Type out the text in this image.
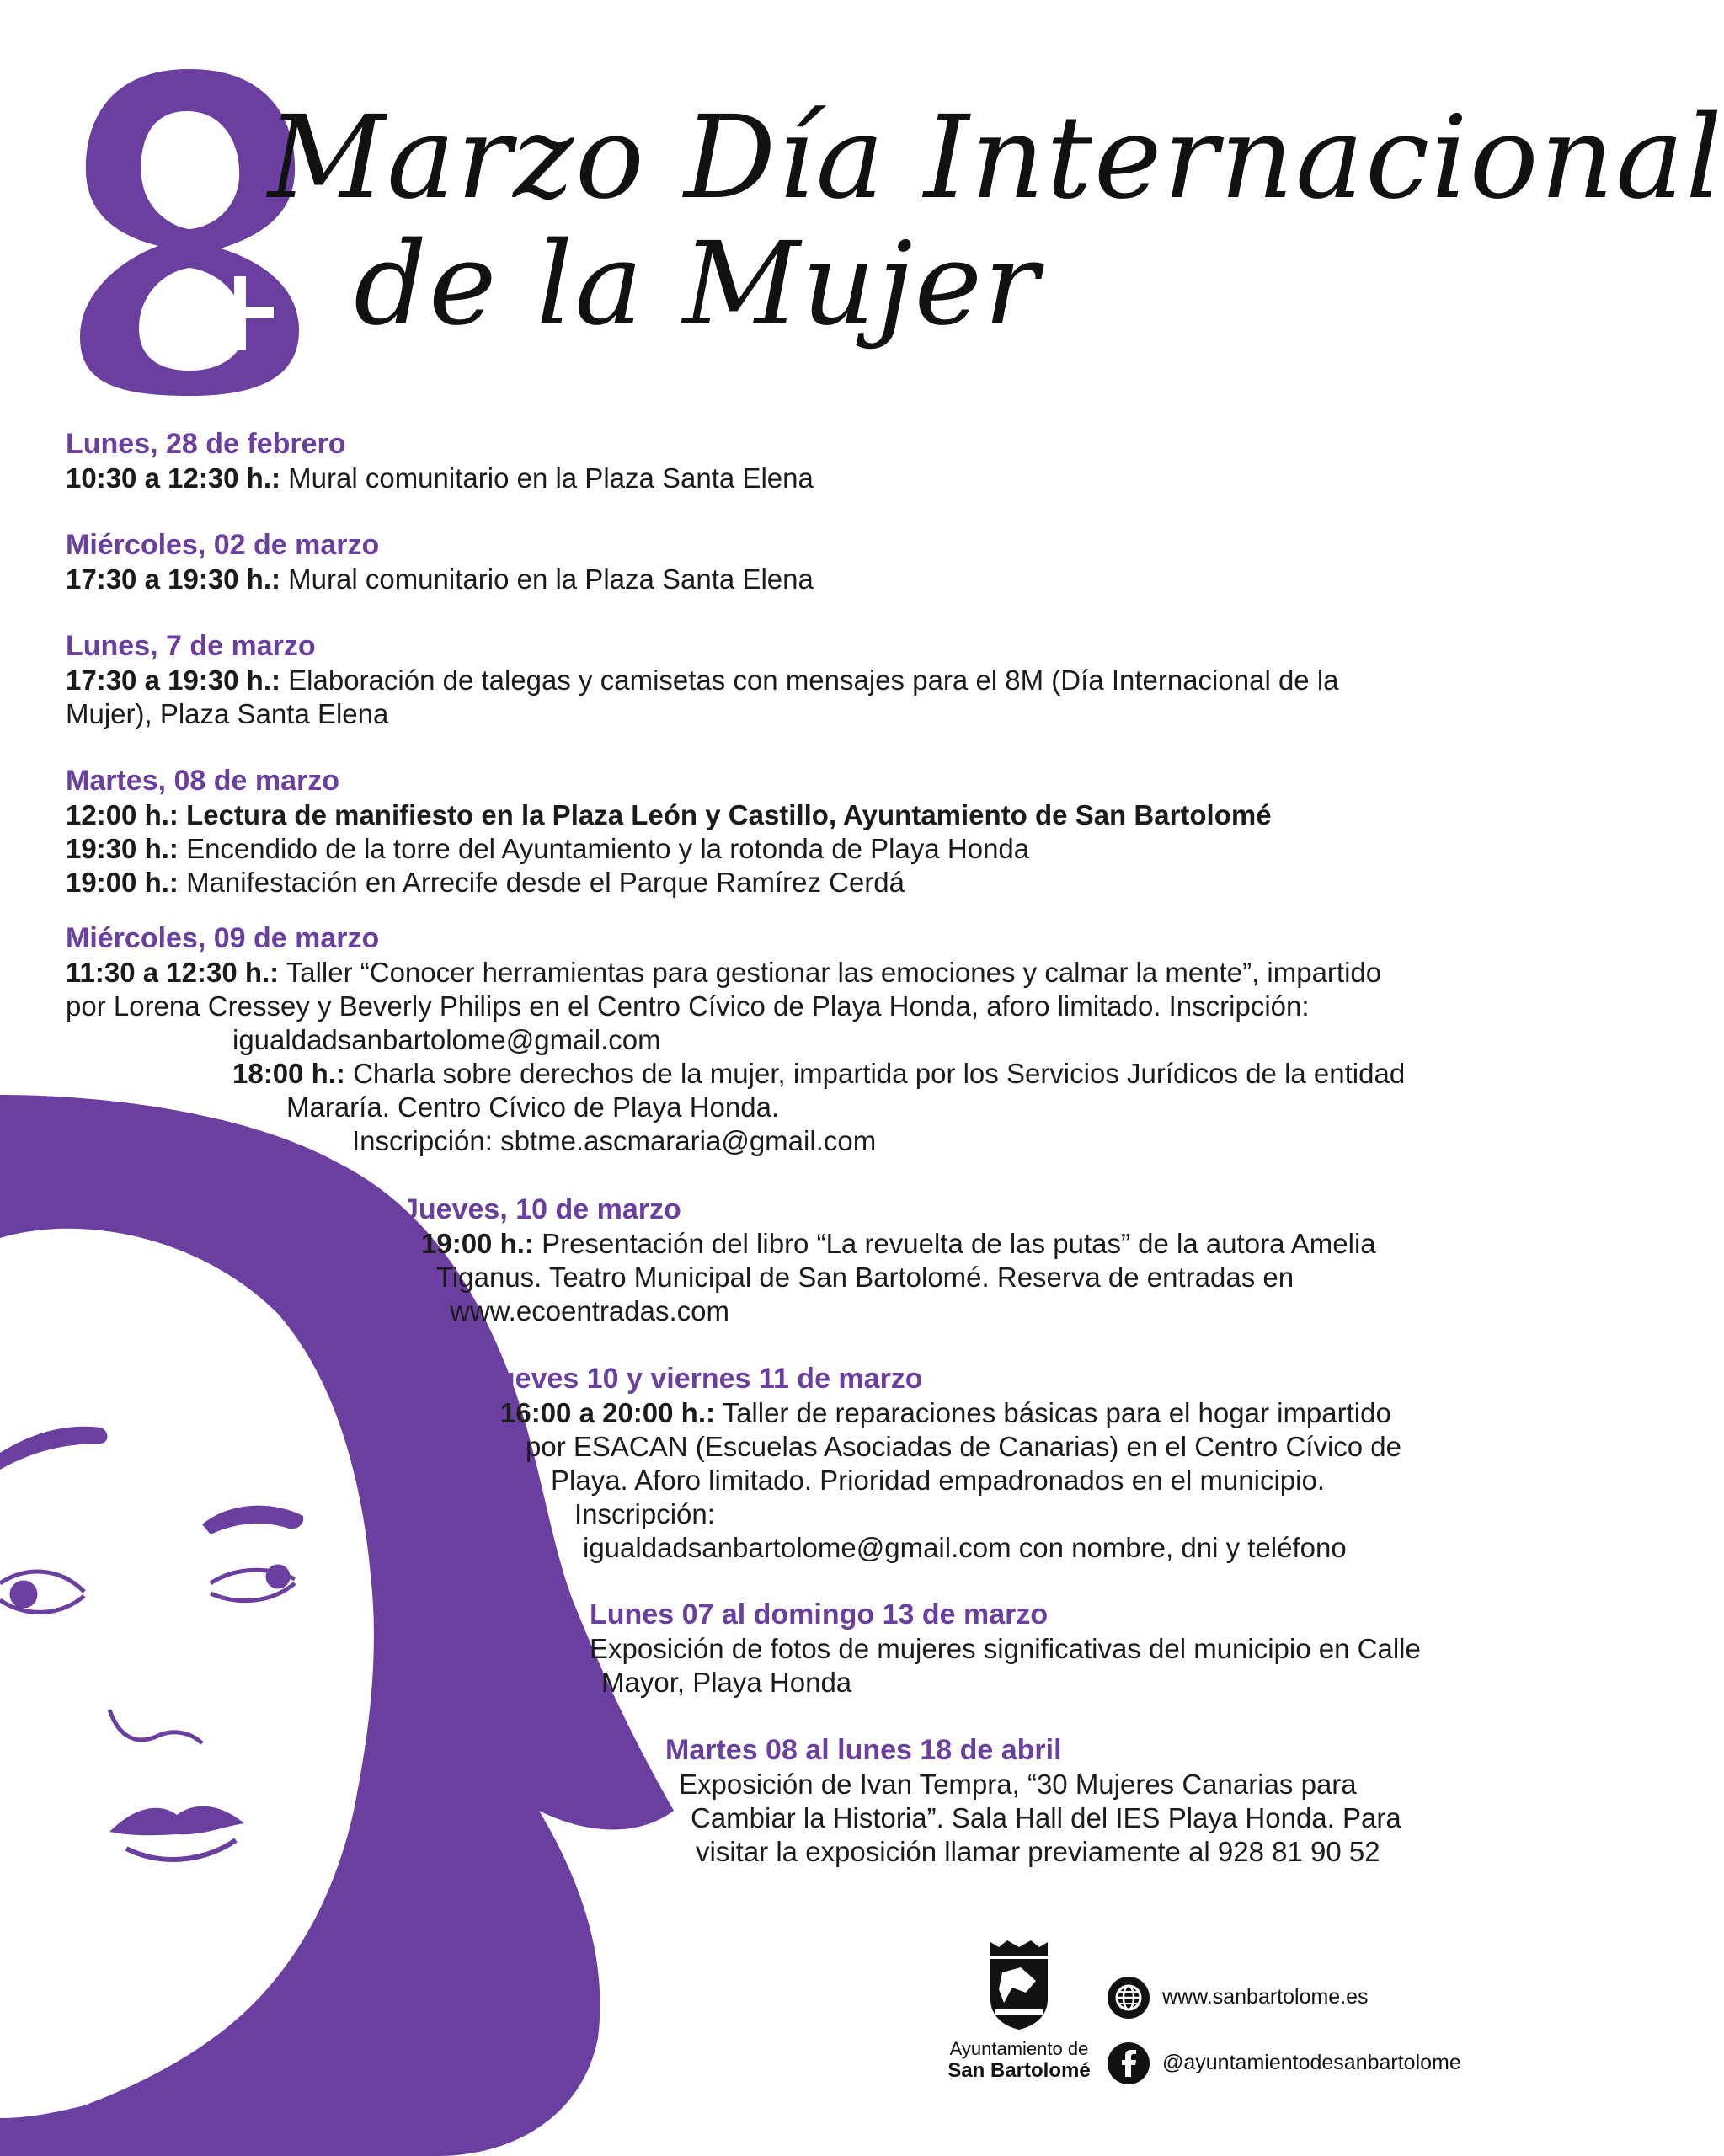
Marzo Día Internacional
de la Mujer
Lunes, 28 de febrero
10:30 a 12:30 h.: Mural comunitario en la Plaza Santa Elena
Miércoles, 02 de marzo
17:30 a 19:30 h.: Mural comunitario en la Plaza Santa Elena
Lunes, 7 de marzo
17:30 a 19:30 h.: Elaboración de talegas y camisetas con mensajes para el 8M (Día Internacional de la
Mujer), Plaza Santa Elena
Martes, 08 de marzo
12:00 h.: Lectura de manifiesto en la Plaza León y Castillo, Ayuntamiento de San Bartolomé
19:30 h.: Encendido de la torre del Ayuntamiento y la rotonda de Playa Honda
19:00 h.: Manifestación en Arrecife desde el Parque Ramírez Cerdá
Miércoles, 09 de marzo
11:30 a 12:30 h.: Taller “Conocer herramientas para gestionar las emociones y calmar la mente”, impartido
por Lorena Cressey y Beverly Philips en el Centro Cívico de Playa Honda, aforo limitado. Inscripción:
igualdadsanbartolome@gmail.com
18:00 h.: Charla sobre derechos de la mujer, impartida por los Servicios Jurídicos de la entidad
Mararía. Centro Cívico de Playa Honda.
Inscripción: sbtme.ascmararia@gmail.com
Jueves, 10 de marzo
19:00 h.: Presentación del libro “La revuelta de las putas” de la autora Amelia
Tiganus. Teatro Municipal de San Bartolomé. Reserva de entradas en
www.ecoentradas.com
Jueves 10 y viernes 11 de marzo
16:00 a 20:00 h.: Taller de reparaciones básicas para el hogar impartido
por ESACAN (Escuelas Asociadas de Canarias) en el Centro Cívico de
Playa. Aforo limitado. Prioridad empadronados en el municipio.
Inscripción:
igualdadsanbartolome@gmail.com con nombre, dni y teléfono
Lunes 07 al domingo 13 de marzo
Exposición de fotos de mujeres significativas del municipio en Calle
Mayor, Playa Honda
Martes 08 al lunes 18 de abril
Exposición de Ivan Tempra, “30 Mujeres Canarias para
Cambiar la Historia”. Sala Hall del IES Playa Honda. Para
visitar la exposición llamar previamente al 928 81 90 52
Ayuntamiento de
San Bartolomé
www.sanbartolome.es
@ayuntamientodesanbartolome
